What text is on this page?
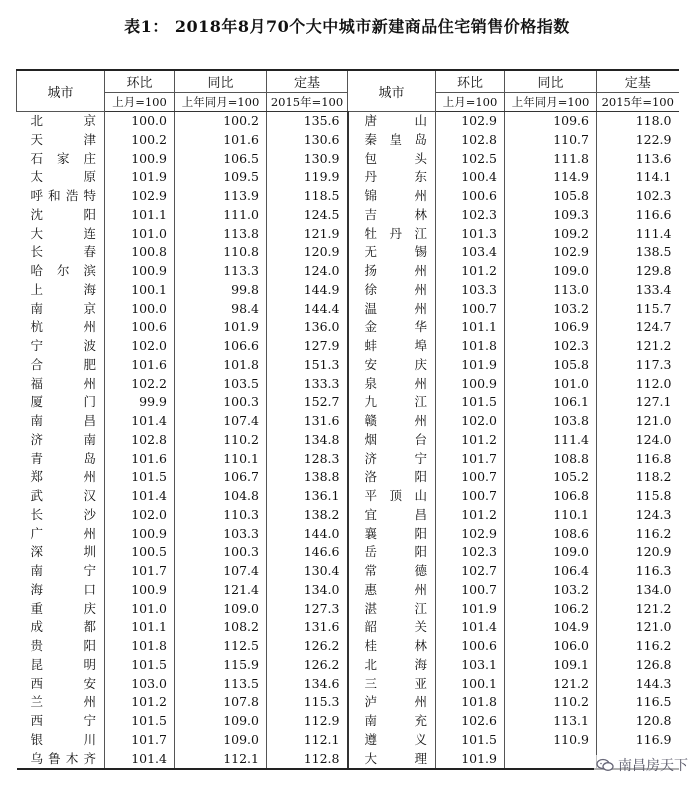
表1： 2018年8月70个大中城市新建商品住宅销售价格指数
城市	环比	同比	定基	城市	环比	同比	定基
	上月=100	上年同月=100	2015年=100		上月=100	上年同月=100	2015年=100
北京	100.0	100.2	135.6	唐山	102.9	109.6	118.0
天津	100.2	101.6	130.6	秦皇岛	102.8	110.7	122.9
石家庄	100.9	106.5	130.9	包头	102.5	111.8	113.6
太原	101.9	109.5	119.9	丹东	100.4	114.9	114.1
呼和浩特	102.9	113.9	118.5	锦州	100.6	105.8	102.3
沈阳	101.1	111.0	124.5	吉林	102.3	109.3	116.6
大连	101.0	113.8	121.9	牡丹江	101.3	109.2	111.4
长春	100.8	110.8	120.9	无锡	103.4	102.9	138.5
哈尔滨	100.9	113.3	124.0	扬州	101.2	109.0	129.8
上海	100.1	99.8	144.9	徐州	103.3	113.0	133.4
南京	100.0	98.4	144.4	温州	100.7	103.2	115.7
杭州	100.6	101.9	136.0	金华	101.1	106.9	124.7
宁波	102.0	106.6	127.9	蚌埠	101.8	102.3	121.2
合肥	101.6	101.8	151.3	安庆	101.9	105.8	117.3
福州	102.2	103.5	133.3	泉州	100.9	101.0	112.0
厦门	99.9	100.3	152.7	九江	101.5	106.1	127.1
南昌	101.4	107.4	131.6	赣州	102.0	103.8	121.0
济南	102.8	110.2	134.8	烟台	101.2	111.4	124.0
青岛	101.6	110.1	128.3	济宁	101.7	108.8	116.8
郑州	101.5	106.7	138.8	洛阳	100.7	105.2	118.2
武汉	101.4	104.8	136.1	平顶山	100.7	106.8	115.8
长沙	102.0	110.3	138.2	宜昌	101.2	110.1	124.3
广州	100.9	103.3	144.0	襄阳	102.9	108.6	116.2
深圳	100.5	100.3	146.6	岳阳	102.3	109.0	120.9
南宁	101.7	107.4	130.4	常德	102.7	106.4	116.3
海口	100.9	121.4	134.0	惠州	100.7	103.2	134.0
重庆	101.0	109.0	127.3	湛江	101.9	106.2	121.2
成都	101.1	108.2	131.6	韶关	101.4	104.9	121.0
贵阳	101.8	112.5	126.2	桂林	100.6	106.0	116.2
昆明	101.5	115.9	126.2	北海	103.1	109.1	126.8
西安	103.0	113.5	134.6	三亚	100.1	121.2	144.3
兰州	101.2	107.8	115.3	泸州	101.8	110.2	116.5
西宁	101.5	109.0	112.9	南充	102.6	113.1	120.8
银川	101.7	109.0	112.1	遵义	101.5	110.9	116.9
乌鲁木齐	101.4	112.1	112.8	大理	101.9			南昌房天下
